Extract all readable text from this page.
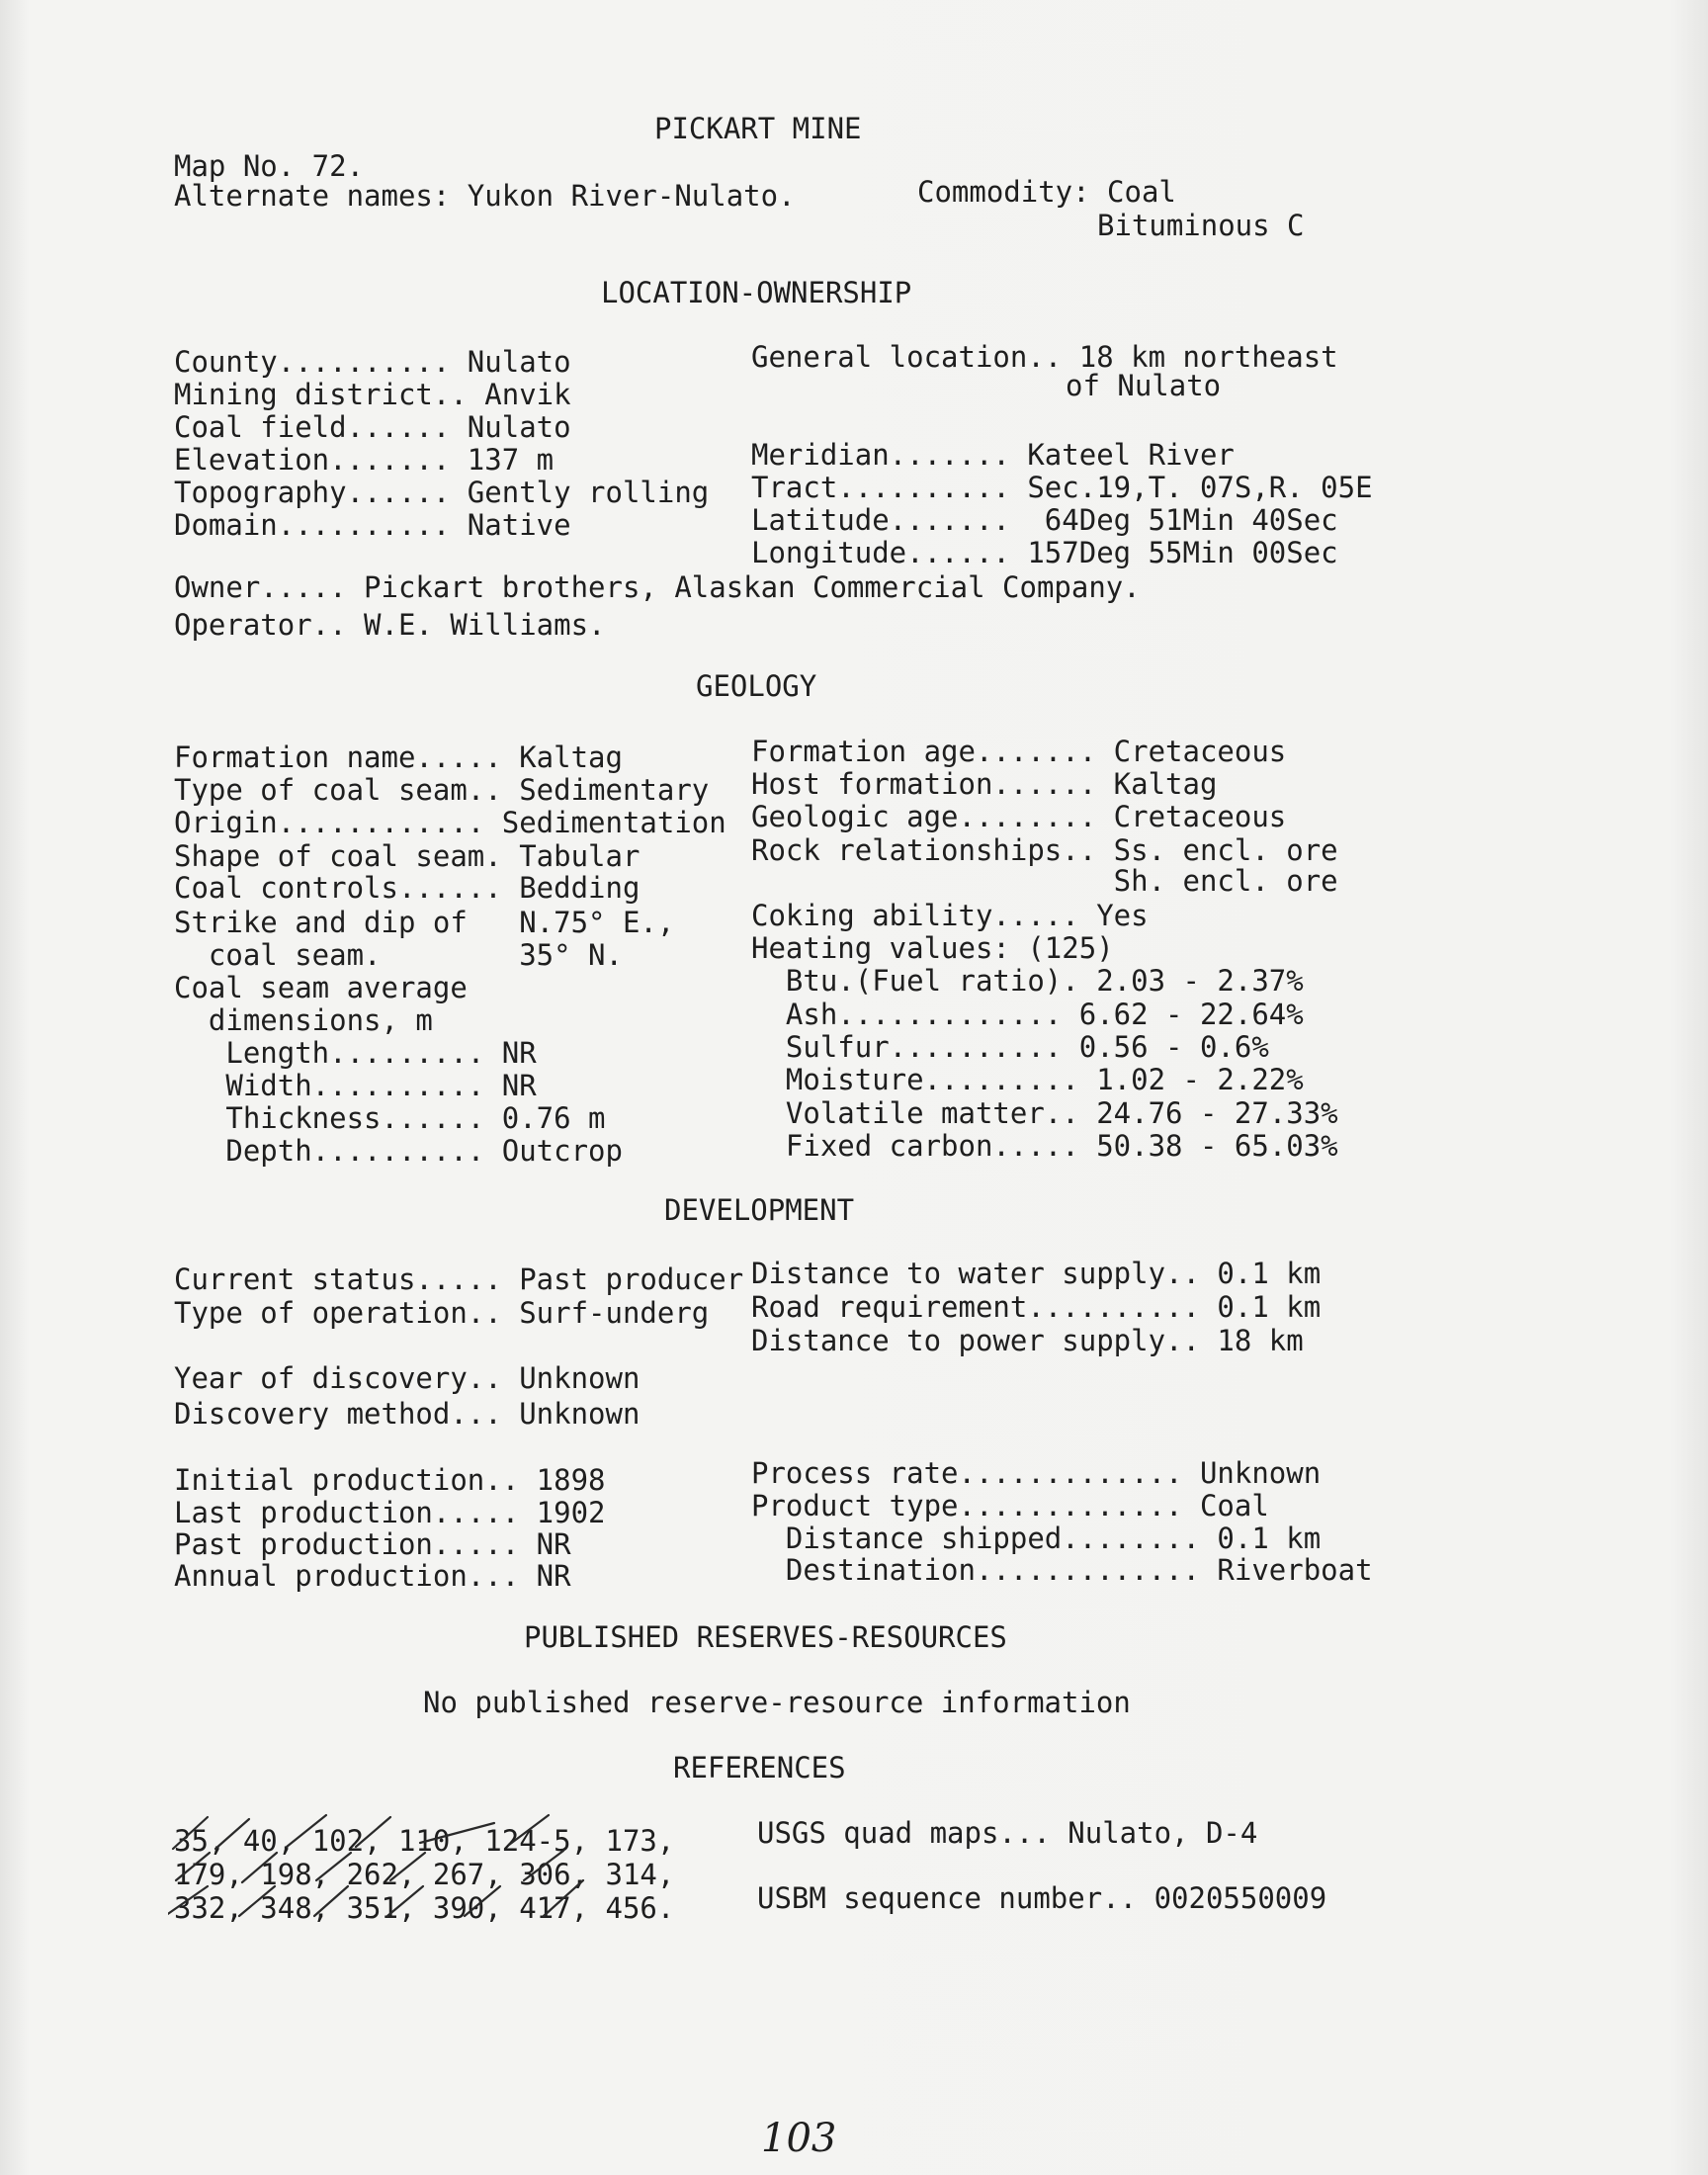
PICKART MINE
Map No. 72.
Alternate names: Yukon River-Nulato.	Commodity: Coal
Bituminous C
LOCATION-OWNERSHIP
County.......... Nulato
Mining district.. Anvik
Coal field...... Nulato
Elevation....... 137 m
Topography...... Gently rolling
Domain.......... Native
General location.. 18 km northeast
of Nulato
Meridian....... Kateel River
Tract.......... Sec.19,T. 07S,R. 05E
Latitude.......  64Deg 51Min 40Sec
Longitude...... 157Deg 55Min 00Sec
Owner..... Pickart brothers, Alaskan Commercial Company.
Operator.. W.E. Williams.
GEOLOGY
Formation name..... Kaltag
Type of coal seam.. Sedimentary
Origin............ Sedimentation
Shape of coal seam. Tabular
Coal controls...... Bedding
Strike and dip of   N.75° E.,
coal seam.        35° N.
Coal seam average
dimensions, m
Length......... NR
Width.......... NR
Thickness...... 0.76 m
Depth.......... Outcrop
Formation age....... Cretaceous
Host formation...... Kaltag
Geologic age........ Cretaceous
Rock relationships.. Ss. encl. ore
Sh. encl. ore
Coking ability..... Yes
Heating values: (125)
Btu.(Fuel ratio). 2.03 - 2.37%
Ash............. 6.62 - 22.64%
Sulfur.......... 0.56 - 0.6%
Moisture......... 1.02 - 2.22%
Volatile matter.. 24.76 - 27.33%
Fixed carbon..... 50.38 - 65.03%
DEVELOPMENT
Current status..... Past producer
Type of operation.. Surf-underg
Distance to water supply.. 0.1 km
Road requirement.......... 0.1 km
Distance to power supply.. 18 km
Year of discovery.. Unknown
Discovery method... Unknown
Initial production.. 1898
Last production..... 1902
Past production..... NR
Annual production... NR
Process rate............. Unknown
Product type............. Coal
Distance shipped........ 0.1 km
Destination............. Riverboat
PUBLISHED RESERVES-RESOURCES
No published reserve-resource information
REFERENCES
35, 40, 102, 110, 124-5, 173,
179, 198, 262, 267, 306, 314,
332, 348, 351, 390, 417, 456.
USGS quad maps... Nulato, D-4
USBM sequence number.. 0020550009
103
